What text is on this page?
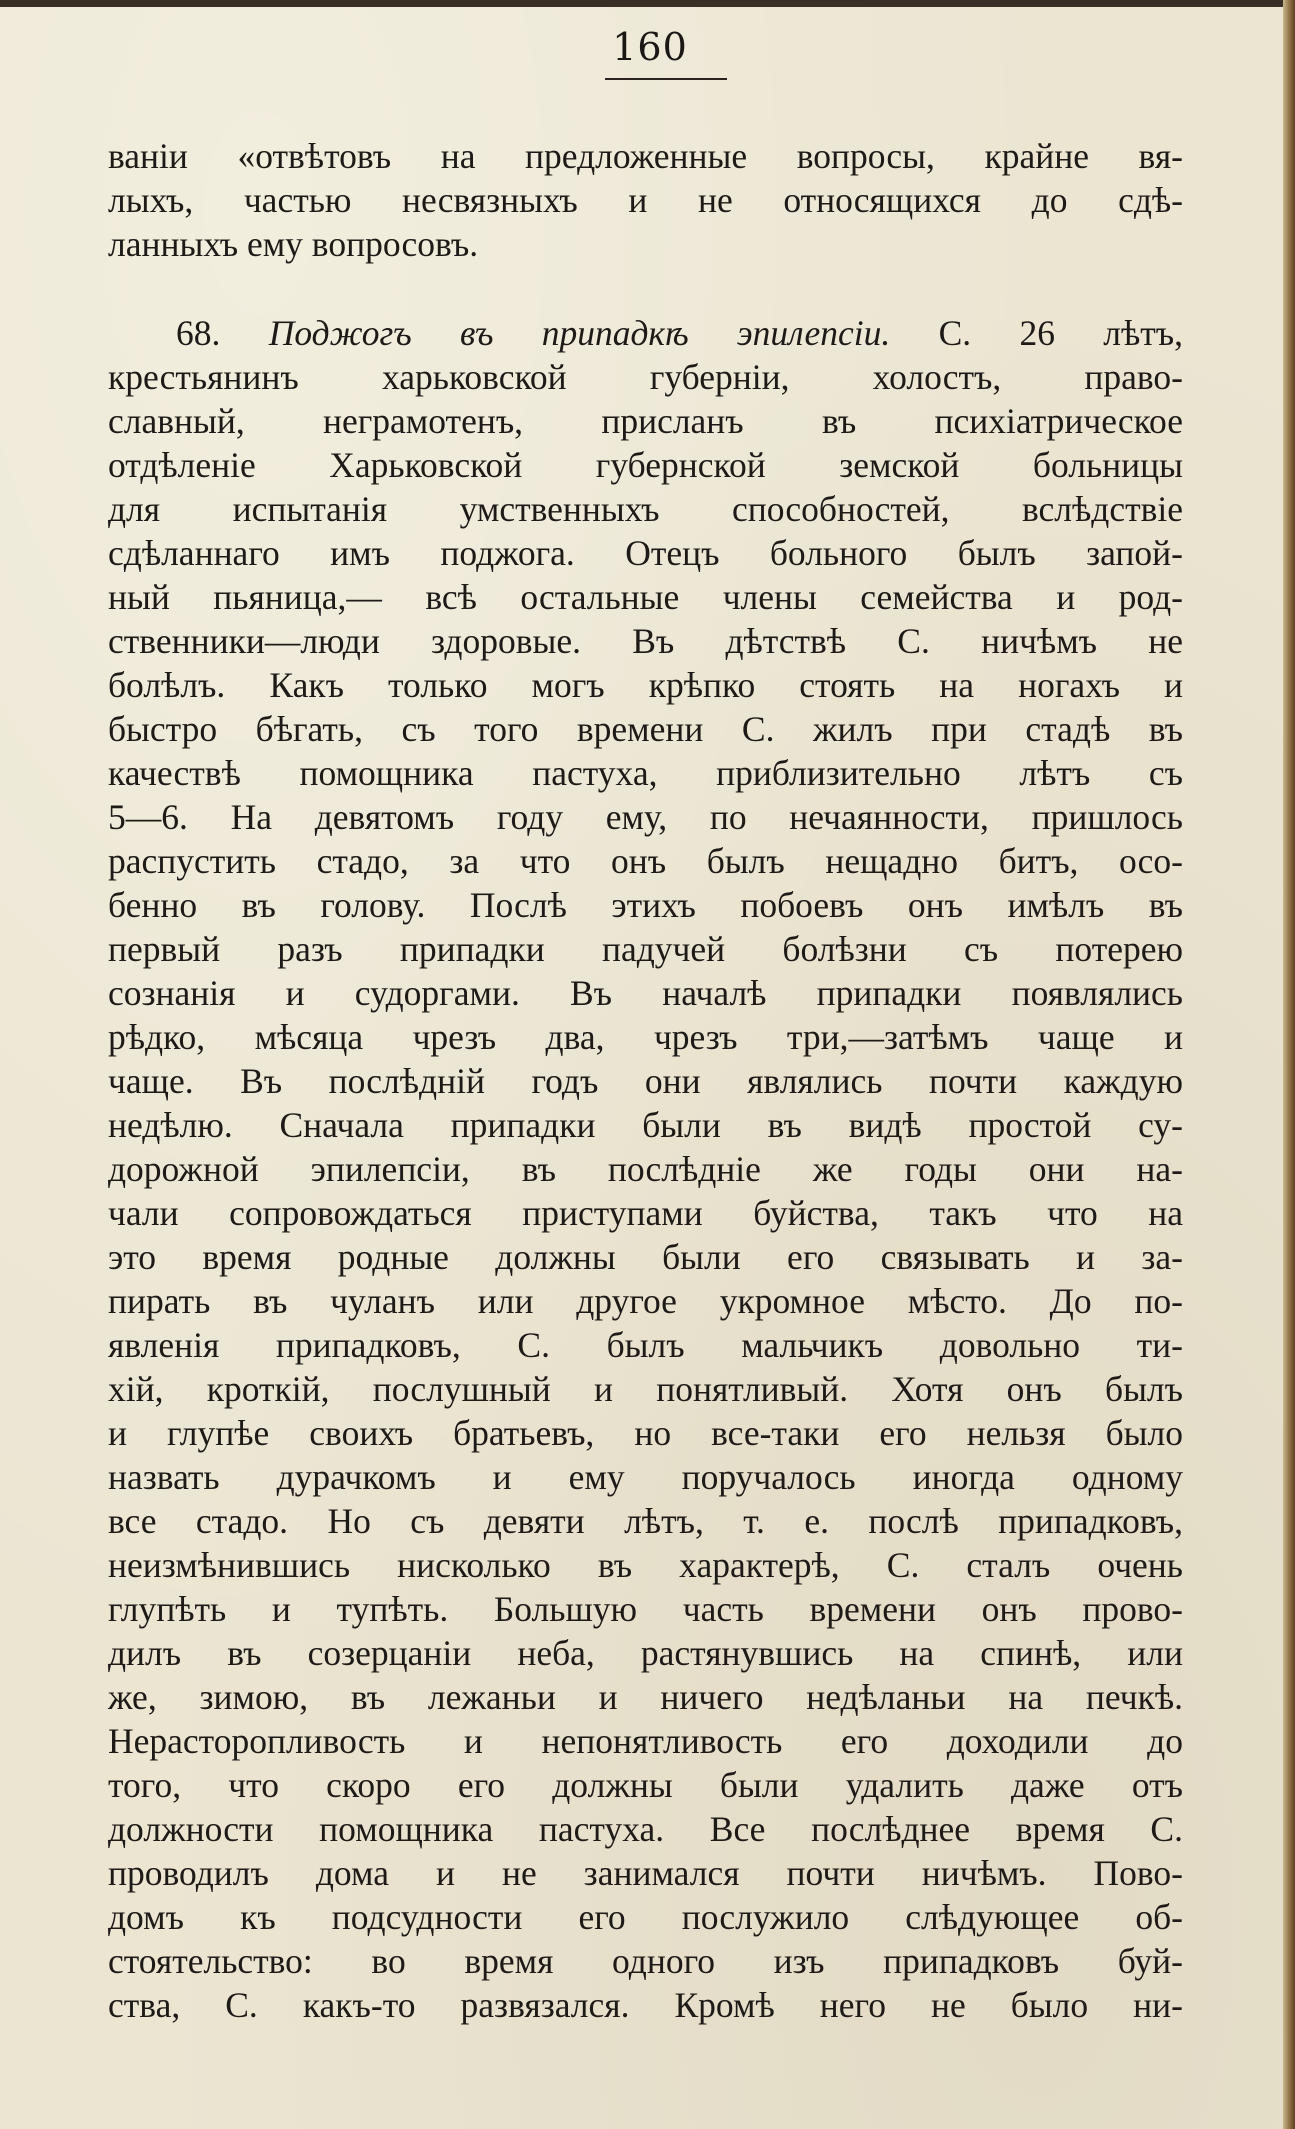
160
ваніи «отвѣтовъ на предложенные вопросы, крайне вя-
лыхъ, частью несвязныхъ и не относящихся до сдѣ-
ланныхъ ему вопросовъ.
68. Поджогъ въ припадкѣ эпилепсіи. С. 26 лѣтъ,
крестьянинъ харьковской губерніи, холостъ, право-
славный, неграмотенъ, присланъ въ психіатрическое
отдѣленіе Харьковской губернской земской больницы
для испытанія умственныхъ способностей, вслѣдствіе
сдѣланнаго имъ поджога. Отецъ больного былъ запой-
ный пьяница,— всѣ остальные члены семейства и род-
ственники—люди здоровые. Въ дѣтствѣ С. ничѣмъ не
болѣлъ. Какъ только могъ крѣпко стоять на ногахъ и
быстро бѣгать, съ того времени С. жилъ при стадѣ въ
качествѣ помощника пастуха, приблизительно лѣтъ съ
5—6. На девятомъ году ему, по нечаянности, пришлось
распустить стадо, за что онъ былъ нещадно битъ, осо-
бенно въ голову. Послѣ этихъ побоевъ онъ имѣлъ въ
первый разъ припадки падучей болѣзни съ потерею
сознанія и судоргами. Въ началѣ припадки появлялись
рѣдко, мѣсяца чрезъ два, чрезъ три,—затѣмъ чаще и
чаще. Въ послѣдній годъ они являлись почти каждую
недѣлю. Сначала припадки были въ видѣ простой су-
дорожной эпилепсіи, въ послѣдніе же годы они на-
чали сопровождаться приступами буйства, такъ что на
это время родные должны были его связывать и за-
пирать въ чуланъ или другое укромное мѣсто. До по-
явленія припадковъ, С. былъ мальчикъ довольно ти-
хій, кроткій, послушный и понятливый. Хотя онъ былъ
и глупѣе своихъ братьевъ, но все-таки его нельзя было
назвать дурачкомъ и ему поручалось иногда одному
все стадо. Но съ девяти лѣтъ, т. е. послѣ припадковъ,
неизмѣнившись нисколько въ характерѣ, С. сталъ очень
глупѣть и тупѣть. Большую часть времени онъ прово-
дилъ въ созерцаніи неба, растянувшись на спинѣ, или
же, зимою, въ лежаньи и ничего недѣланьи на печкѣ.
Нерасторопливость и непонятливость его доходили до
того, что скоро его должны были удалить даже отъ
должности помощника пастуха. Все послѣднее время С.
проводилъ дома и не занимался почти ничѣмъ. Пово-
домъ къ подсудности его послужило слѣдующее об-
стоятельство: во время одного изъ припадковъ буй-
ства, С. какъ-то развязался. Кромѣ него не было ни-
